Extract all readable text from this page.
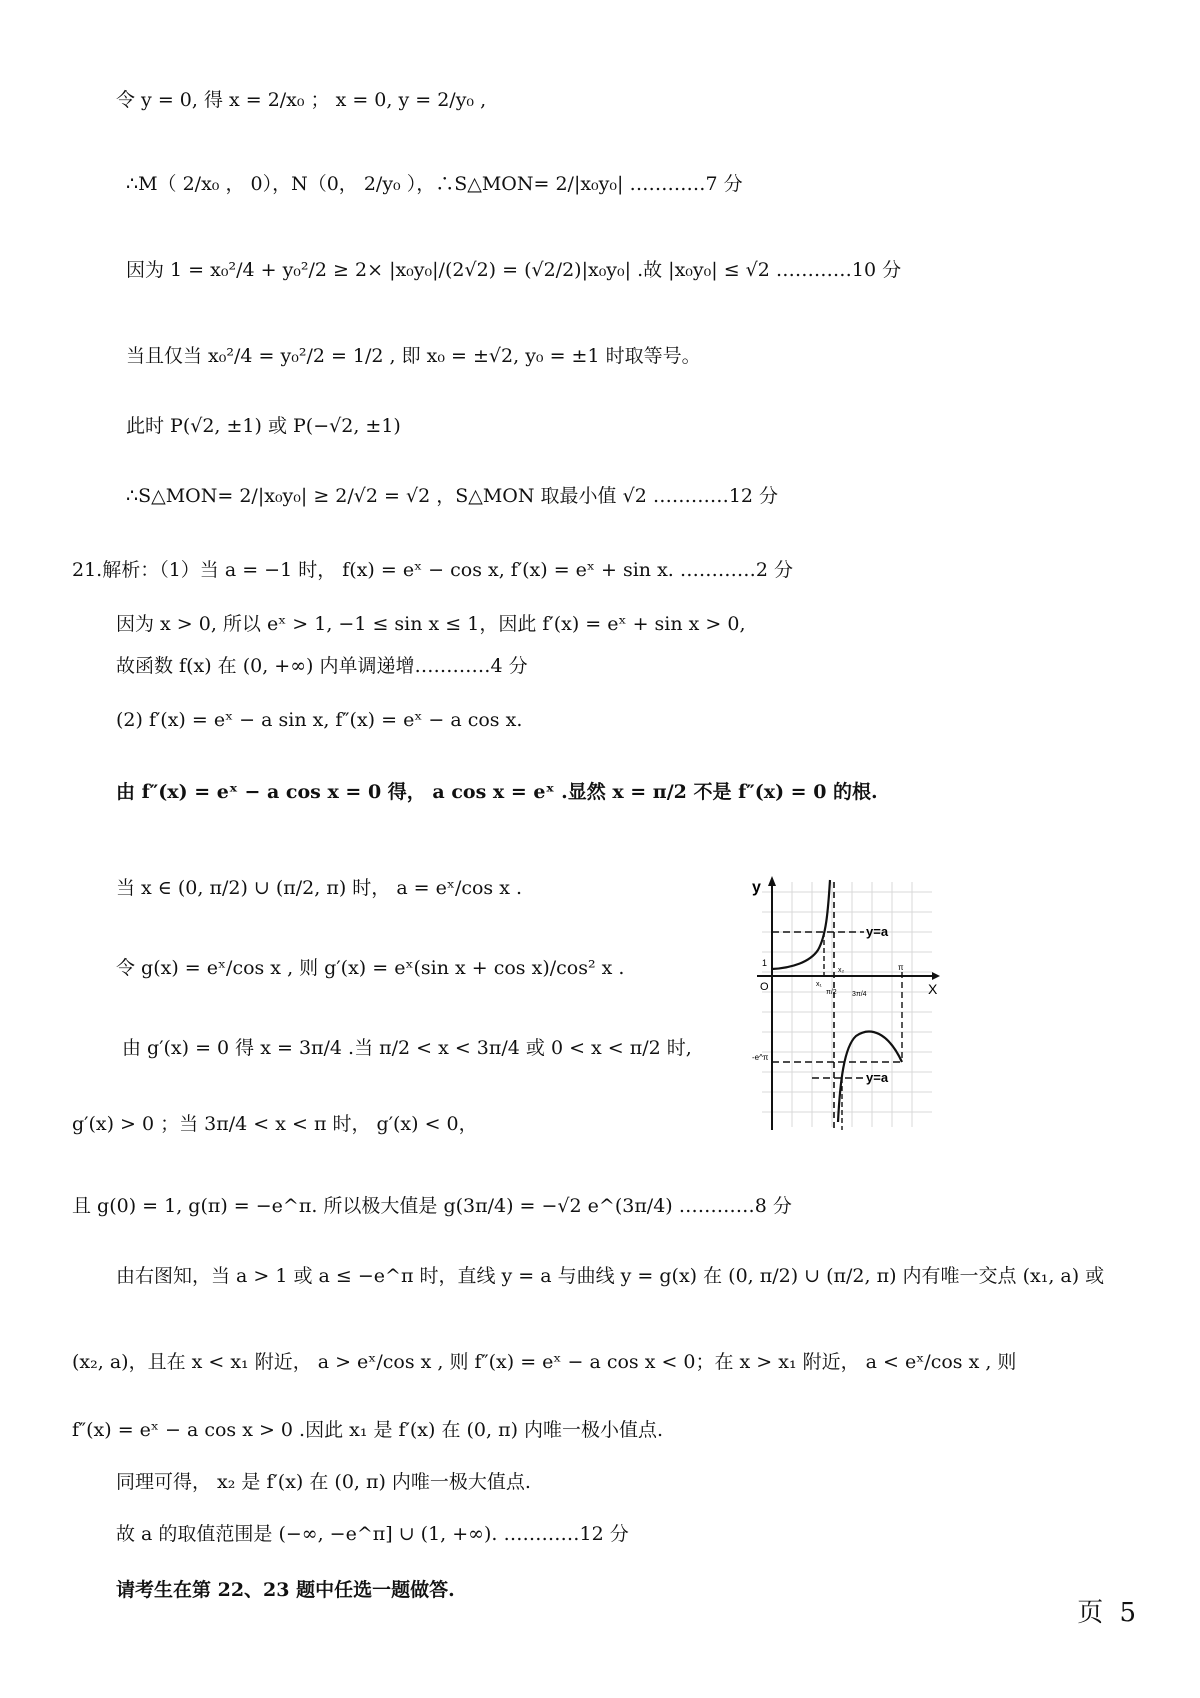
令 y = 0, 得 x = 2/x₀ ； x = 0, y = 2/y₀ ,
∴M（ 2/x₀ ， 0），N（0， 2/y₀ ），∴S△MON= 2/|x₀y₀| …………7 分
因为 1 = x₀²/4 + y₀²/2 ≥ 2× |x₀y₀|/(2√2) = (√2/2)|x₀y₀| .故 |x₀y₀| ≤ √2 …………10 分
当且仅当 x₀²/4 = y₀²/2 = 1/2 , 即 x₀ = ±√2, y₀ = ±1 时取等号。
此时 P(√2, ±1) 或 P(−√2, ±1)
∴S△MON= 2/|x₀y₀| ≥ 2/√2 = √2 ，S△MON 取最小值 √2 …………12 分
21.解析：（1）当 a = −1 时， f(x) = eˣ − cos x, f′(x) = eˣ + sin x. …………2 分
因为 x > 0, 所以 eˣ > 1, −1 ≤ sin x ≤ 1，因此 f′(x) = eˣ + sin x > 0,
故函数 f(x) 在 (0, +∞) 内单调递增…………4 分
(2) f′(x) = eˣ − a sin x, f″(x) = eˣ − a cos x.
由 f″(x) = eˣ − a cos x = 0 得， a cos x = eˣ .显然 x = π/2 不是 f″(x) = 0 的根.
当 x ∈ (0, π/2) ∪ (π/2, π) 时， a = eˣ/cos x .
令 g(x) = eˣ/cos x , 则 g′(x) = eˣ(sin x + cos x)/cos² x .
由 g′(x) = 0 得 x = 3π/4 .当 π/2 < x < 3π/4 或 0 < x < π/2 时,
g′(x) > 0 ；当 3π/4 < x < π 时， g′(x) < 0，
且 g(0) = 1, g(π) = −e^π. 所以极大值是 g(3π/4) = −√2 e^(3π/4) …………8 分
由右图知，当 a > 1 或 a ≤ −e^π 时，直线 y = a 与曲线 y = g(x) 在 (0, π/2) ∪ (π/2, π) 内有唯一交点 (x₁, a) 或
(x₂, a)，且在 x < x₁ 附近， a > eˣ/cos x , 则 f″(x) = eˣ − a cos x < 0；在 x > x₁ 附近， a < eˣ/cos x , 则
f″(x) = eˣ − a cos x > 0 .因此 x₁ 是 f′(x) 在 (0, π) 内唯一极小值点.
同理可得， x₂ 是 f′(x) 在 (0, π) 内唯一极大值点.
故 a 的取值范围是 (−∞, −e^π] ∪ (1, +∞). …………12 分
请考生在第 22、23 题中任选一题做答.
y
X
O
1
y=a
y=a
-e^π
x₁
π/2
x₂
3π/4
π
页 5
